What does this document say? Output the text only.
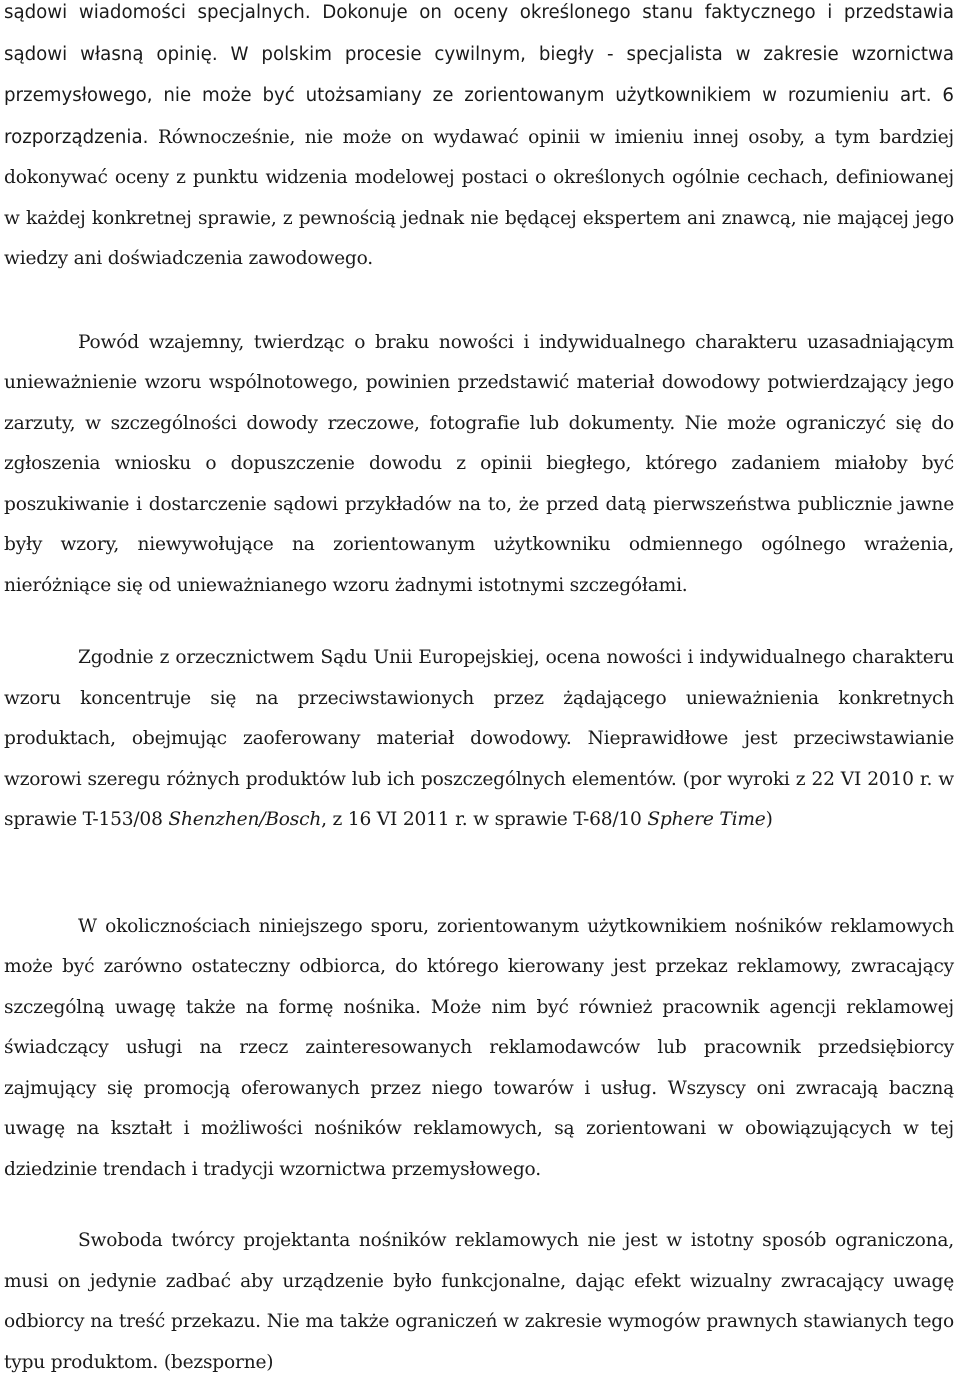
sądowi wiadomości specjalnych. Dokonuje on oceny określonego stanu faktycznego i przedstawia sądowi własną opinię. W polskim procesie cywilnym, biegły - specjalista w zakresie wzornictwa przemysłowego, nie może być utożsamiany ze zorientowanym użytkownikiem w rozumieniu art. 6 rozporządzenia. Równocześnie, nie może on wydawać opinii w imieniu innej osoby, a tym bardziej dokonywać oceny z punktu widzenia modelowej postaci o określonych ogólnie cechach, definiowanej w każdej konkretnej sprawie, z pewnością jednak nie będącej ekspertem ani znawcą, nie mającej jego wiedzy ani doświadczenia zawodowego.

Powód wzajemny, twierdząc o braku nowości i indywidualnego charakteru uzasadniającym unieważnienie wzoru wspólnotowego, powinien przedstawić materiał dowodowy potwierdzający jego zarzuty, w szczególności dowody rzeczowe, fotografie lub dokumenty. Nie może ograniczyć się do zgłoszenia wniosku o dopuszczenie dowodu z opinii biegłego, którego zadaniem miałoby być poszukiwanie i dostarczenie sądowi przykładów na to, że przed datą pierwszeństwa publicznie jawne były wzory, niewywołujące na zorientowanym użytkowniku odmiennego ogólnego wrażenia, nieróżniące się od unieważnianego wzoru żadnymi istotnymi szczegółami.

Zgodnie z orzecznictwem Sądu Unii Europejskiej, ocena nowości i indywidualnego charakteru wzoru koncentruje się na przeciwstawionych przez żądającego unieważnienia konkretnych produktach, obejmując zaoferowany materiał dowodowy. Nieprawidłowe jest przeciwstawianie wzorowi szeregu różnych produktów lub ich poszczególnych elementów. (por wyroki z 22 VI 2010 r. w sprawie T-153/08 Shenzhen/Bosch, z 16 VI 2011 r. w sprawie T-68/10 Sphere Time)

W okolicznościach niniejszego sporu, zorientowanym użytkownikiem nośników reklamowych może być zarówno ostateczny odbiorca, do którego kierowany jest przekaz reklamowy, zwracający szczególną uwagę także na formę nośnika. Może nim być również pracownik agencji reklamowej świadczący usługi na rzecz zainteresowanych reklamodawców lub pracownik przedsiębiorcy zajmujący się promocją oferowanych przez niego towarów i usług. Wszyscy oni zwracają baczną uwagę na kształt i możliwości nośników reklamowych, są zorientowani w obowiązujących w tej dziedzinie trendach i tradycji wzornictwa przemysłowego.

Swoboda twórcy projektanta nośników reklamowych nie jest w istotny sposób ograniczona, musi on jedynie zadbać aby urządzenie było funkcjonalne, dając efekt wizualny zwracający uwagę odbiorcy na treść przekazu. Nie ma także ograniczeń w zakresie wymogów prawnych stawianych tego typu produktom. (bezsporne)
